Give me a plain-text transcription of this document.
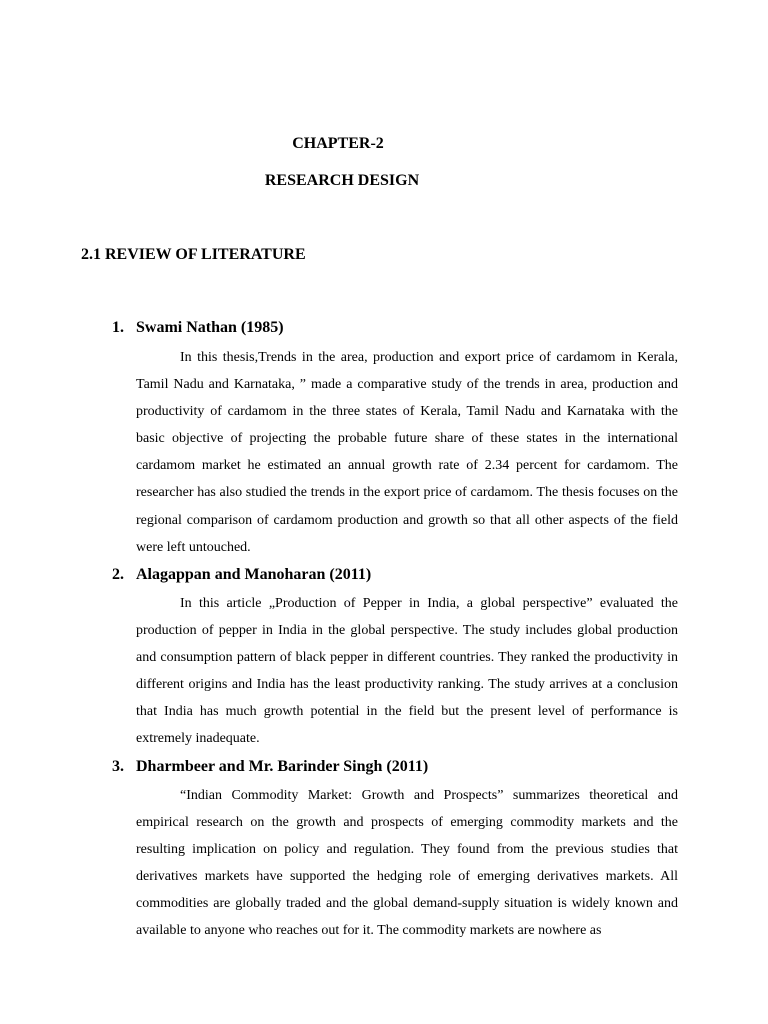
CHAPTER-2
RESEARCH DESIGN
2.1 REVIEW OF LITERATURE
1. Swami Nathan (1985)

In this thesis,Trends in the area, production and export price of cardamom in Kerala, Tamil Nadu and Karnataka, ” made a comparative study of the trends in area, production and productivity of cardamom in the three states of Kerala, Tamil Nadu and Karnataka with the basic objective of projecting the probable future share of these states in the international cardamom market he estimated an annual growth rate of 2.34 percent for cardamom. The researcher has also studied the trends in the export price of cardamom. The thesis focuses on the regional comparison of cardamom production and growth so that all other aspects of the field were left untouched.

2. Alagappan and Manoharan (2011)

In this article „Production of Pepper in India, a global perspective” evaluated the production of pepper in India in the global perspective. The study includes global production and consumption pattern of black pepper in different countries. They ranked the productivity in different origins and India has the least productivity ranking. The study arrives at a conclusion that India has much growth potential in the field but the present level of performance is extremely inadequate.

3. Dharmbeer and Mr. Barinder Singh (2011)

“Indian Commodity Market: Growth and Prospects” summarizes theoretical and empirical research on the growth and prospects of emerging commodity markets and the resulting implication on policy and regulation. They found from the previous studies that derivatives markets have supported the hedging role of emerging derivatives markets. All commodities are globally traded and the global demand-supply situation is widely known and available to anyone who reaches out for it. The commodity markets are nowhere as
